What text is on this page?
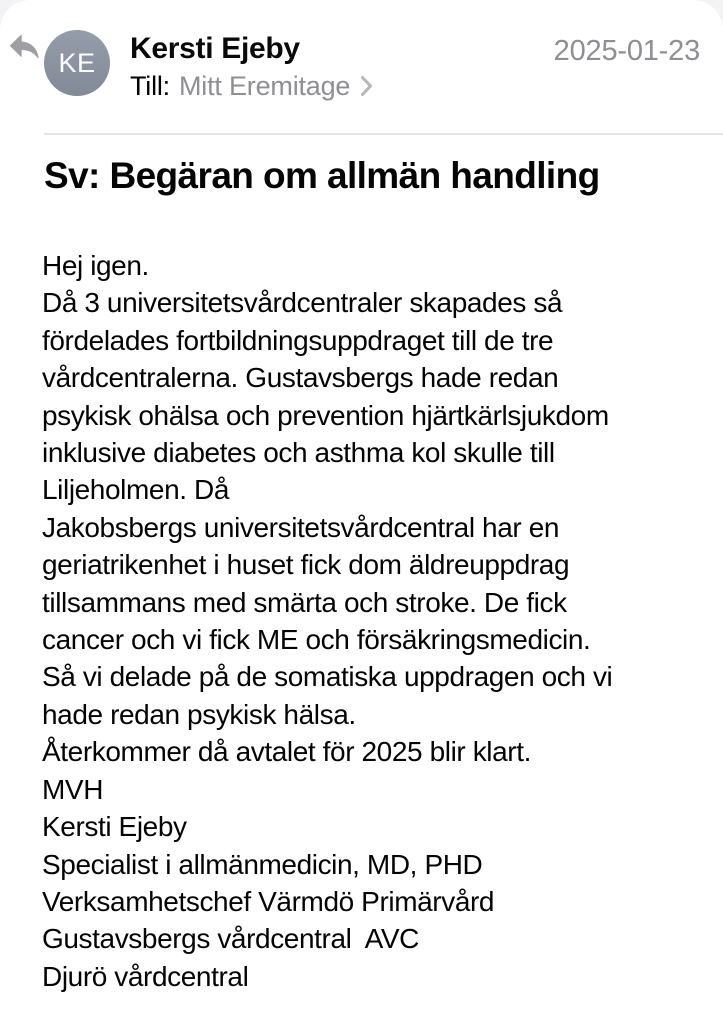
KE Kersti Ejeby
Till: Mitt Eremitage
2025-01-23
Sv: Begäran om allmän handling
Hej igen.
Då 3 universitetsvårdcentraler skapades så
fördelades fortbildningsuppdraget till de tre
vårdcentralerna. Gustavsbergs hade redan
psykisk ohälsa och prevention hjärtkärlsjukdom
inklusive diabetes och asthma kol skulle till
Liljeholmen. Då
Jakobsbergs universitetsvårdcentral har en
geriatrikenhet i huset fick dom äldreuppdrag
tillsammans med smärta och stroke. De fick
cancer och vi fick ME och försäkringsmedicin.
Så vi delade på de somatiska uppdragen och vi
hade redan psykisk hälsa.
Återkommer då avtalet för 2025 blir klart.
MVH
Kersti Ejeby
Specialist i allmänmedicin, MD, PHD
Verksamhetschef Värmdö Primärvård
Gustavsbergs vårdcentral  AVC
Djurö vårdcentral
